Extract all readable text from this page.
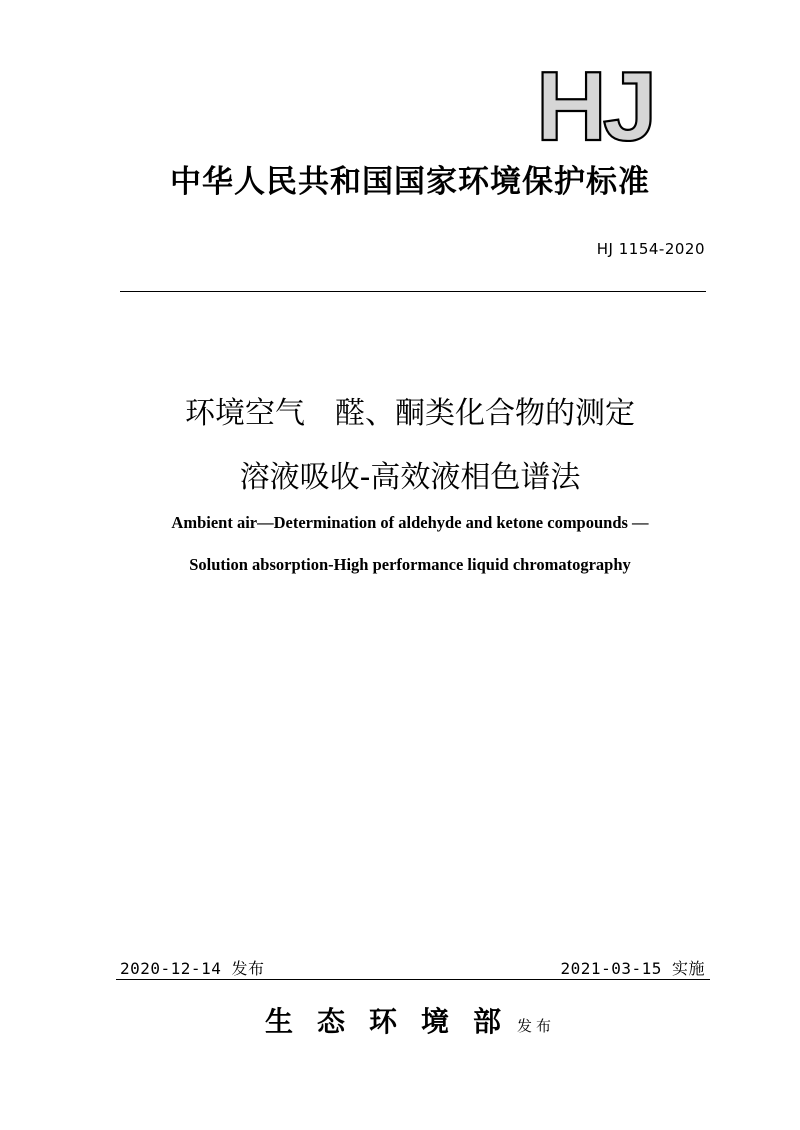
HJ
中华人民共和国国家环境保护标准
HJ 1154-2020
环境空气　醛、酮类化合物的测定
溶液吸收-高效液相色谱法
Ambient air—Determination of aldehyde and ketone compounds —
Solution absorption-High performance liquid chromatography
2020-12-14 发布	2021-03-15 实施
生态环境部发布
